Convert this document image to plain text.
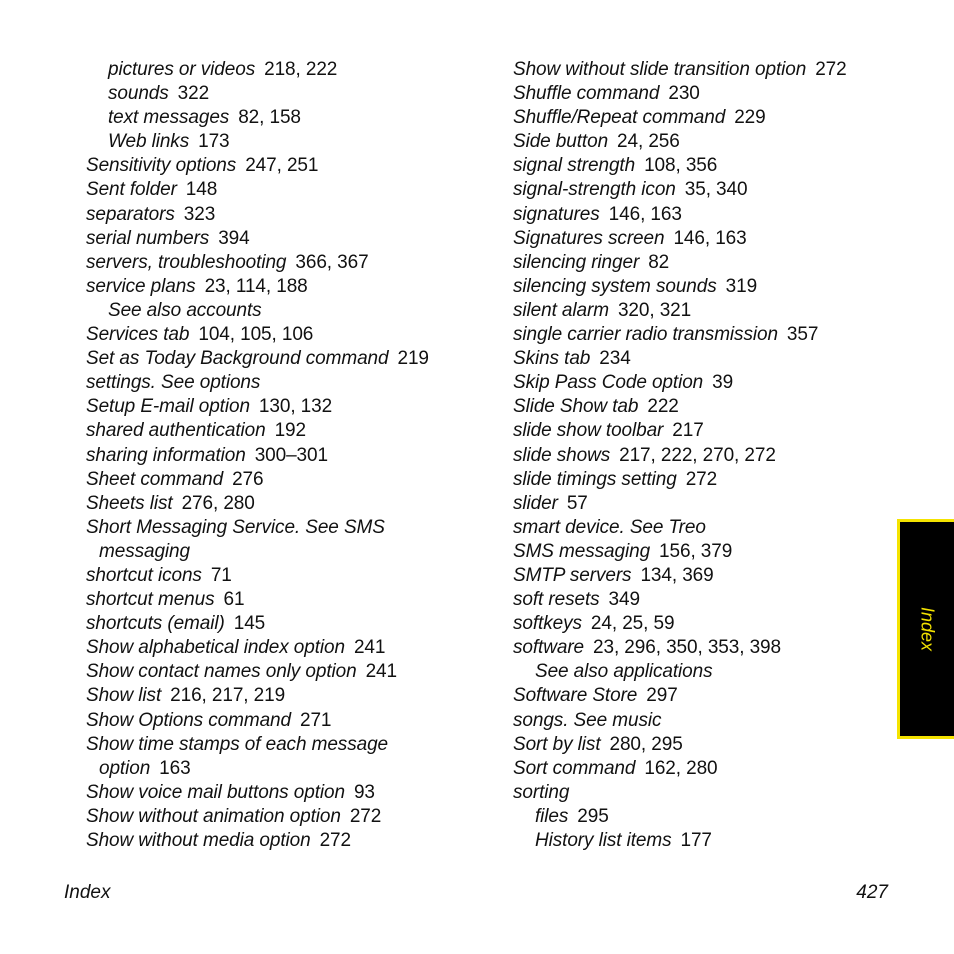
pictures or videos 218, 222
sounds 322
text messages 82, 158
Web links 173
Sensitivity options 247, 251
Sent folder 148
separators 323
serial numbers 394
servers, troubleshooting 366, 367
service plans 23, 114, 188
See also accounts
Services tab 104, 105, 106
Set as Today Background command 219
settings. See options
Setup E-mail option 130, 132
shared authentication 192
sharing information 300–301
Sheet command 276
Sheets list 276, 280
Short Messaging Service. See SMS
messaging
shortcut icons 71
shortcut menus 61
shortcuts (email) 145
Show alphabetical index option 241
Show contact names only option 241
Show list 216, 217, 219
Show Options command 271
Show time stamps of each message
option 163
Show voice mail buttons option 93
Show without animation option 272
Show without media option 272
Show without slide transition option 272
Shuffle command 230
Shuffle/Repeat command 229
Side button 24, 256
signal strength 108, 356
signal-strength icon 35, 340
signatures 146, 163
Signatures screen 146, 163
silencing ringer 82
silencing system sounds 319
silent alarm 320, 321
single carrier radio transmission 357
Skins tab 234
Skip Pass Code option 39
Slide Show tab 222
slide show toolbar 217
slide shows 217, 222, 270, 272
slide timings setting 272
slider 57
smart device. See Treo
SMS messaging 156, 379
SMTP servers 134, 369
soft resets 349
softkeys 24, 25, 59
software 23, 296, 350, 353, 398
See also applications
Software Store 297
songs. See music
Sort by list 280, 295
Sort command 162, 280
sorting
files 295
History list items 177
Index	427
Index
